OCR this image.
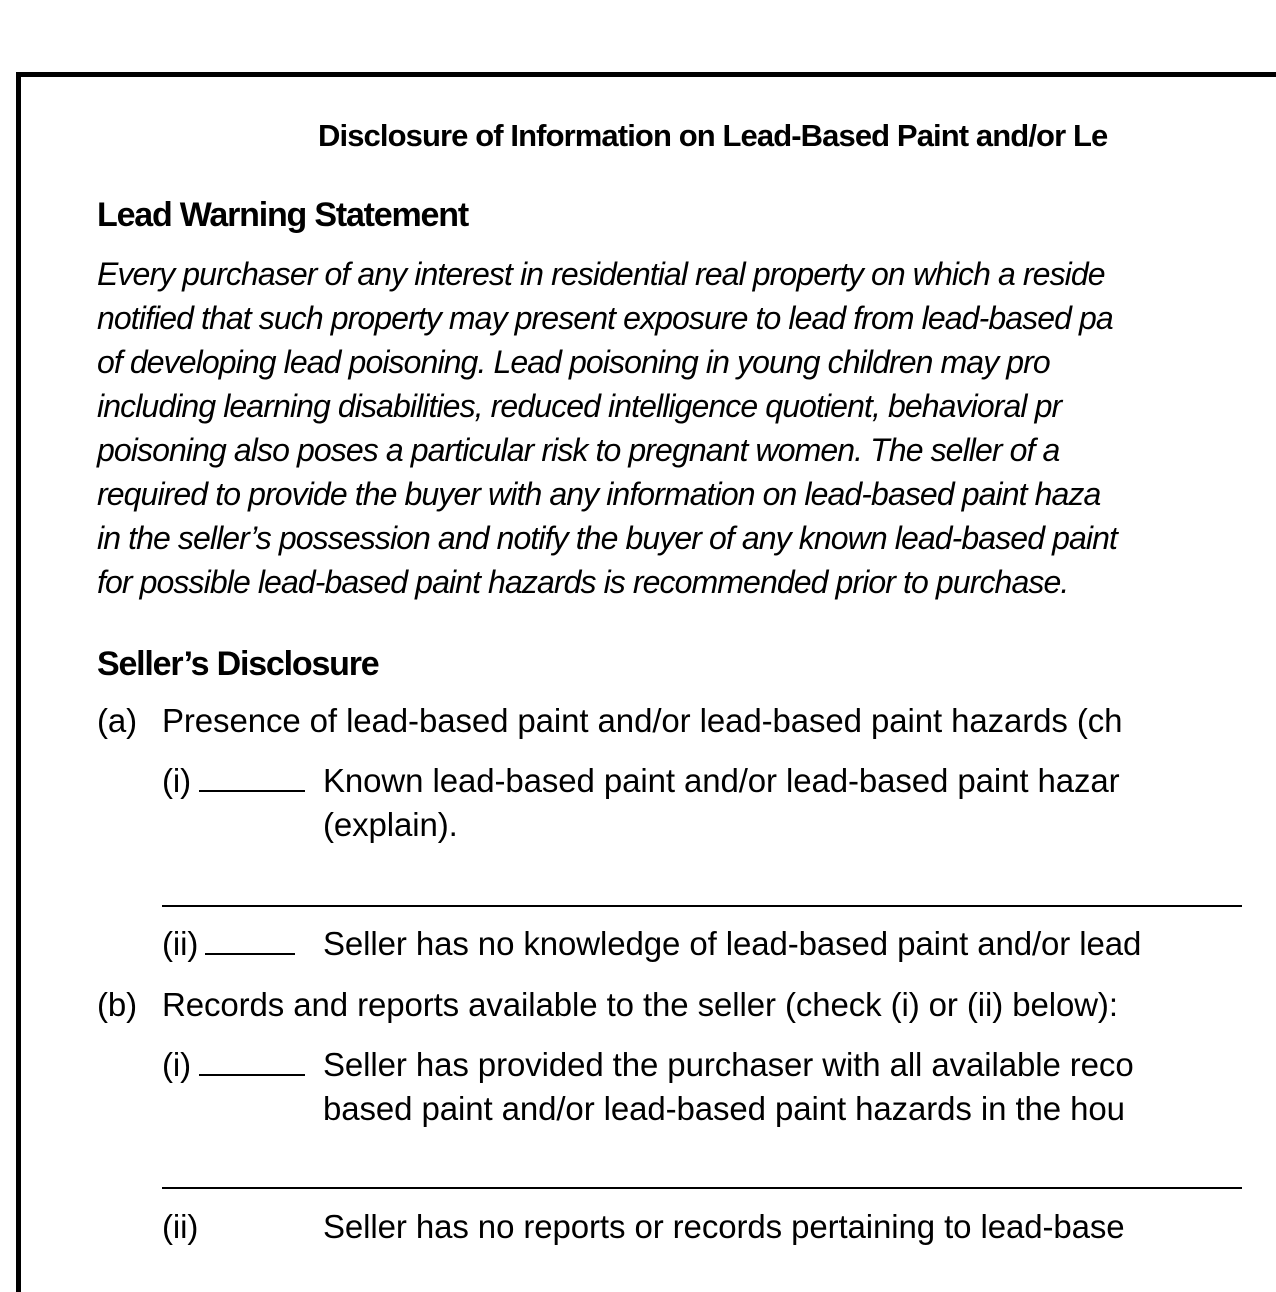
Disclosure of Information on Lead-Based Paint and/or Le
Lead Warning Statement
Every purchaser of any interest in residential real property on which a reside
notified that such property may present exposure to lead from lead-based pa
of developing lead poisoning. Lead poisoning in young children may pro
including learning disabilities, reduced intelligence quotient, behavioral pr
poisoning also poses a particular risk to pregnant women. The seller of a
required to provide the buyer with any information on lead-based paint haza
in the seller’s possession and notify the buyer of any known lead-based paint
for possible lead-based paint hazards is recommended prior to purchase.
Seller’s Disclosure
(a) Presence of lead-based paint and/or lead-based paint hazards (ch
(i)	Known lead-based paint and/or lead-based paint hazar
(explain).
(ii)	Seller has no knowledge of lead-based paint and/or lead
(b) Records and reports available to the seller (check (i) or (ii) below):
(i)	Seller has provided the purchaser with all available reco
based paint and/or lead-based paint hazards in the hou
(ii)	Seller has no reports or records pertaining to lead-base
